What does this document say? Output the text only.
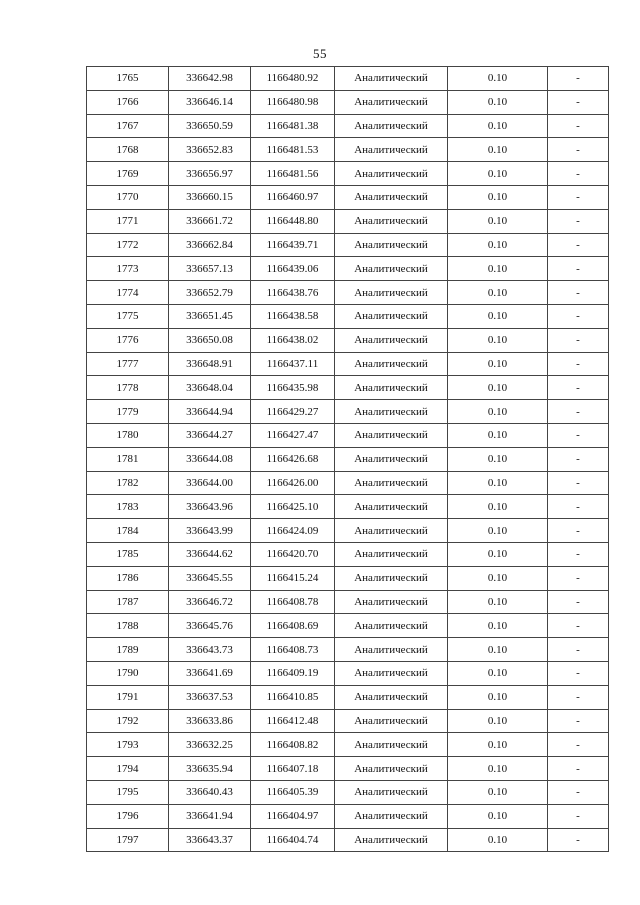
55
1765	336642.98	1166480.92	Аналитический	0.10	-
1766	336646.14	1166480.98	Аналитический	0.10	-
1767	336650.59	1166481.38	Аналитический	0.10	-
1768	336652.83	1166481.53	Аналитический	0.10	-
1769	336656.97	1166481.56	Аналитический	0.10	-
1770	336660.15	1166460.97	Аналитический	0.10	-
1771	336661.72	1166448.80	Аналитический	0.10	-
1772	336662.84	1166439.71	Аналитический	0.10	-
1773	336657.13	1166439.06	Аналитический	0.10	-
1774	336652.79	1166438.76	Аналитический	0.10	-
1775	336651.45	1166438.58	Аналитический	0.10	-
1776	336650.08	1166438.02	Аналитический	0.10	-
1777	336648.91	1166437.11	Аналитический	0.10	-
1778	336648.04	1166435.98	Аналитический	0.10	-
1779	336644.94	1166429.27	Аналитический	0.10	-
1780	336644.27	1166427.47	Аналитический	0.10	-
1781	336644.08	1166426.68	Аналитический	0.10	-
1782	336644.00	1166426.00	Аналитический	0.10	-
1783	336643.96	1166425.10	Аналитический	0.10	-
1784	336643.99	1166424.09	Аналитический	0.10	-
1785	336644.62	1166420.70	Аналитический	0.10	-
1786	336645.55	1166415.24	Аналитический	0.10	-
1787	336646.72	1166408.78	Аналитический	0.10	-
1788	336645.76	1166408.69	Аналитический	0.10	-
1789	336643.73	1166408.73	Аналитический	0.10	-
1790	336641.69	1166409.19	Аналитический	0.10	-
1791	336637.53	1166410.85	Аналитический	0.10	-
1792	336633.86	1166412.48	Аналитический	0.10	-
1793	336632.25	1166408.82	Аналитический	0.10	-
1794	336635.94	1166407.18	Аналитический	0.10	-
1795	336640.43	1166405.39	Аналитический	0.10	-
1796	336641.94	1166404.97	Аналитический	0.10	-
1797	336643.37	1166404.74	Аналитический	0.10	-
